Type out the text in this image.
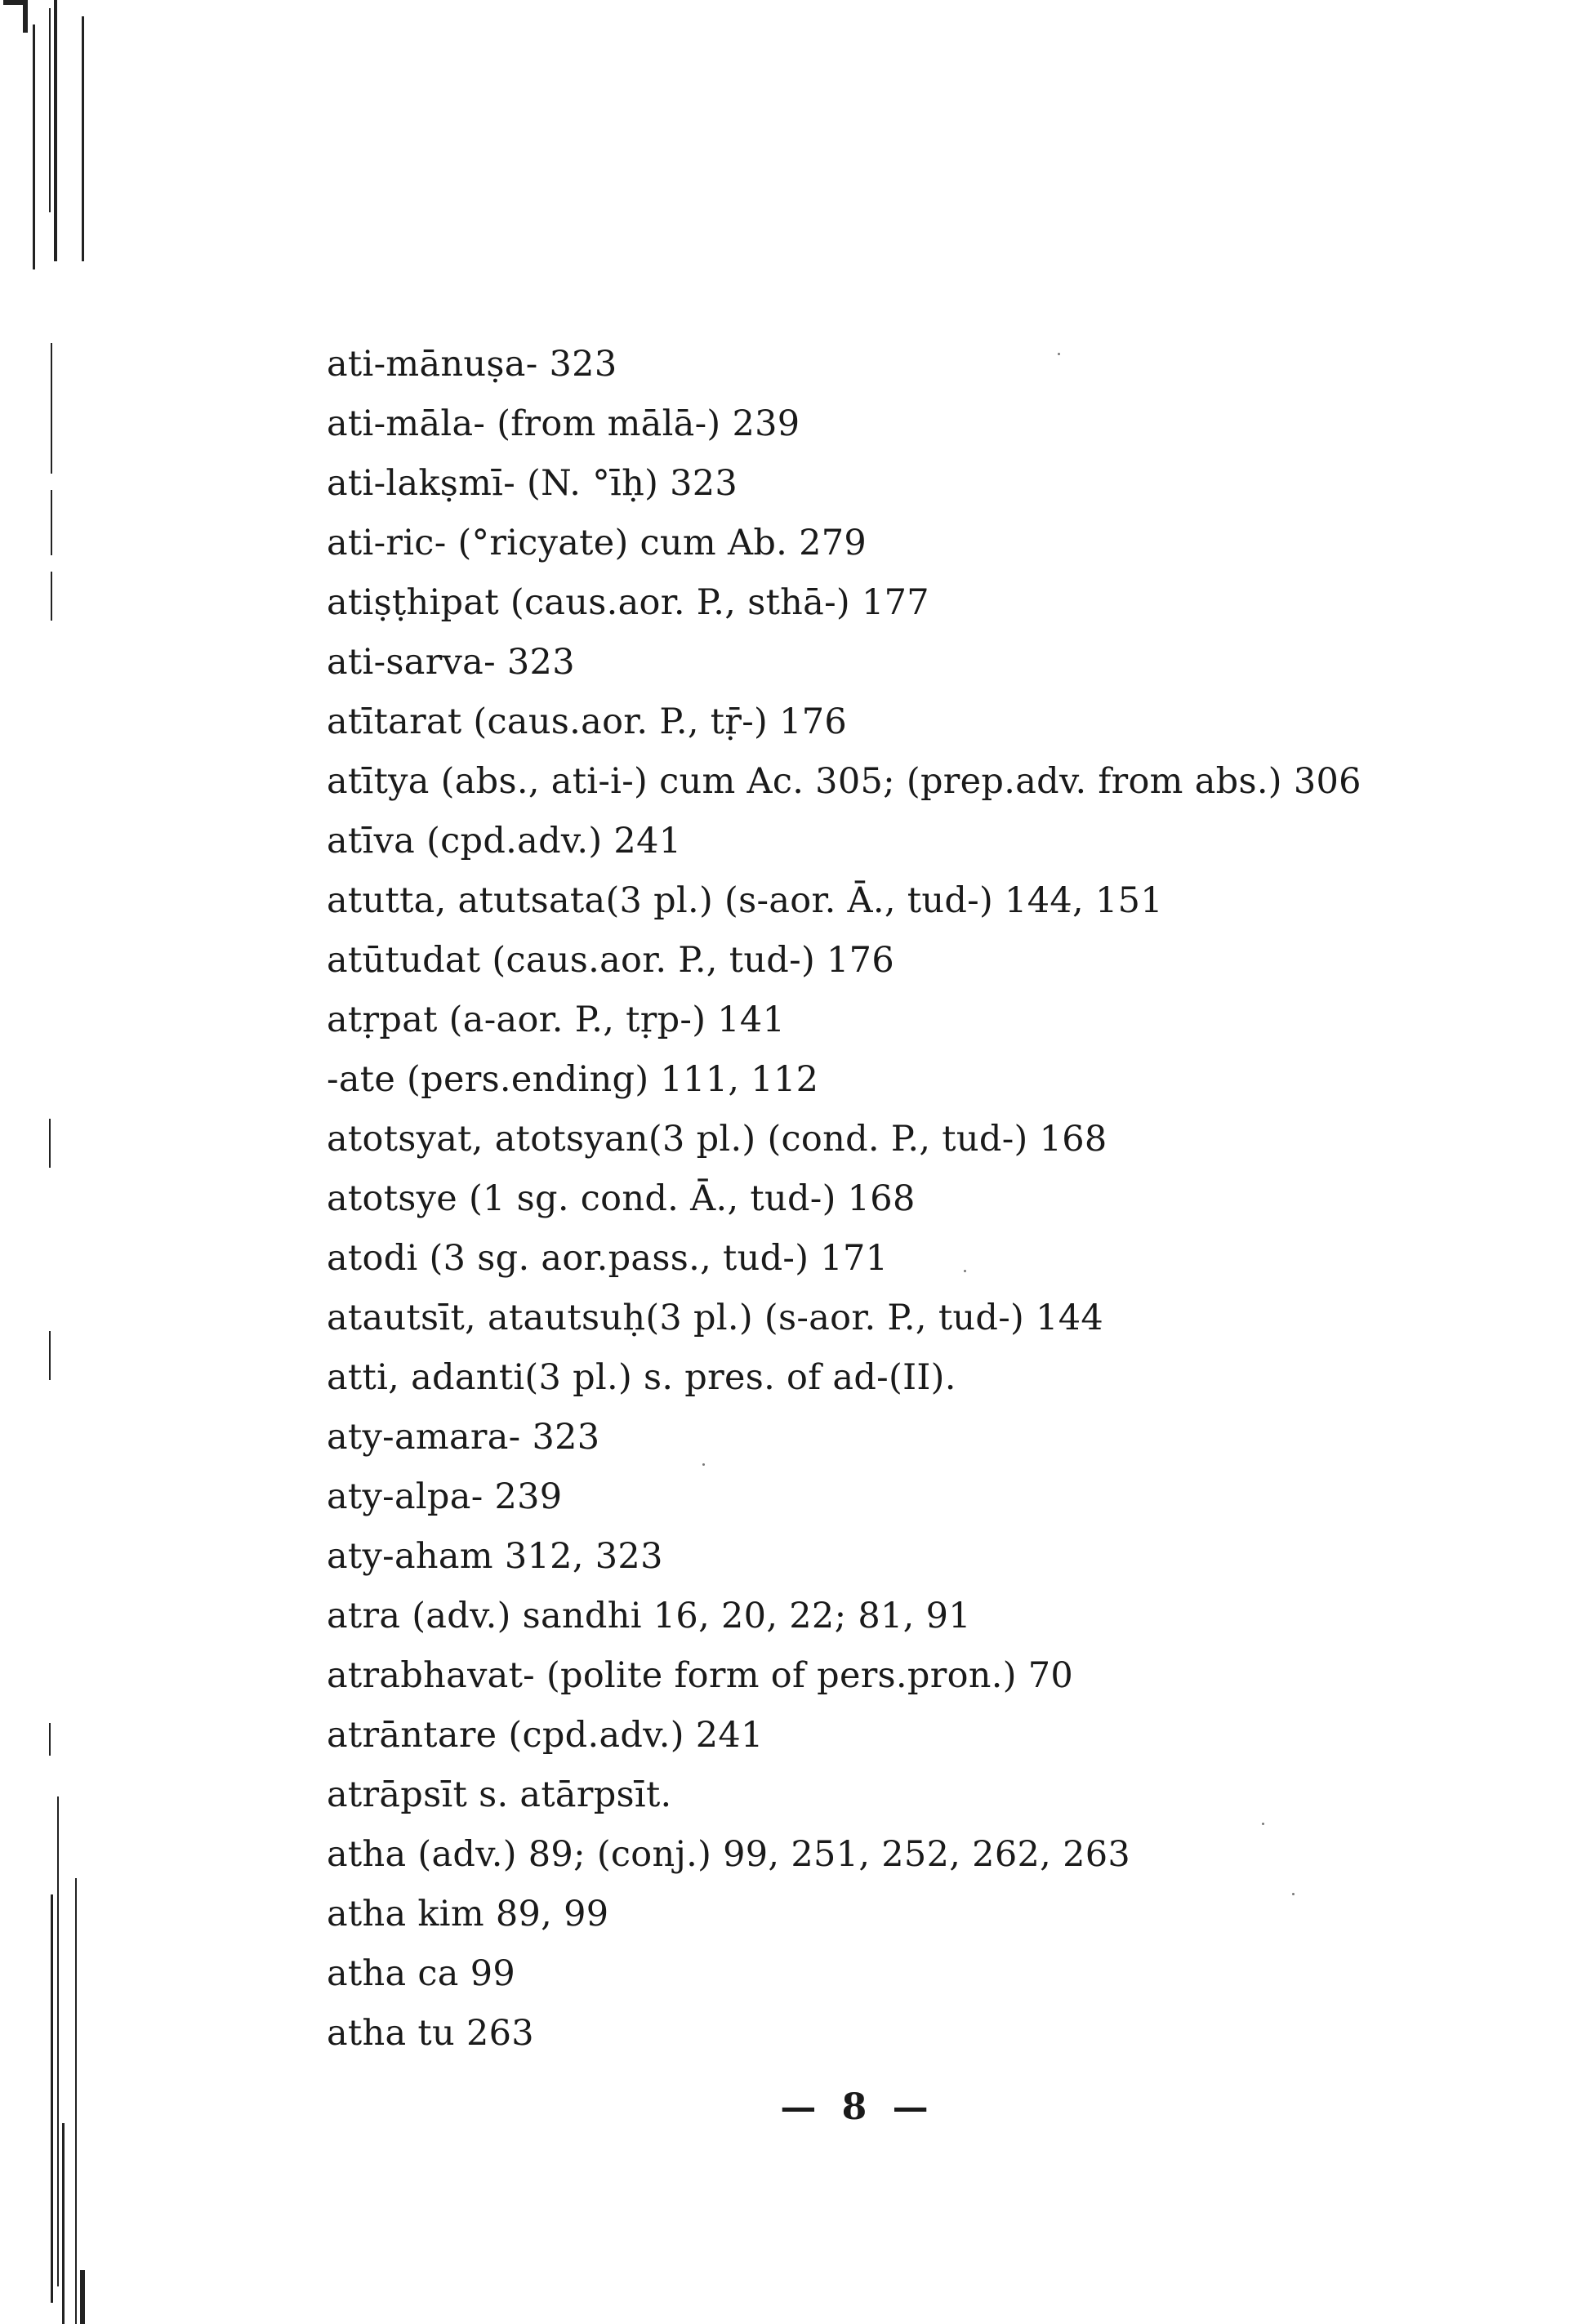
ati-mānuṣa- 323
ati-māla- (from mālā-) 239
ati-lakṣmī- (N. °īḥ) 323
ati-ric- (°ricyate) cum Ab. 279
atiṣṭhipat (caus.aor. P., sthā-) 177
ati-sarva- 323
atītarat (caus.aor. P., tṝ-) 176
atītya (abs., ati-i-) cum Ac. 305; (prep.adv. from abs.) 306
atīva (cpd.adv.) 241
atutta, atutsata(3 pl.) (s-aor. Ā., tud-) 144, 151
atūtudat (caus.aor. P., tud-) 176
atṛpat (a-aor. P., tṛp-) 141
-ate (pers.ending) 111, 112
atotsyat, atotsyan(3 pl.) (cond. P., tud-) 168
atotsye (1 sg. cond. Ā., tud-) 168
atodi (3 sg. aor.pass., tud-) 171
atautsīt, atautsuḥ(3 pl.) (s-aor. P., tud-) 144
atti, adanti(3 pl.) s. pres. of ad-(II).
aty-amara- 323
aty-alpa- 239
aty-aham 312, 323
atra (adv.) sandhi 16, 20, 22; 81, 91
atrabhavat- (polite form of pers.pron.) 70
atrāntare (cpd.adv.) 241
atrāpsīt s. atārpsīt.
atha (adv.) 89; (conj.) 99, 251, 252, 262, 263
atha kim 89, 99
atha ca 99
atha tu 263
— 8 —
